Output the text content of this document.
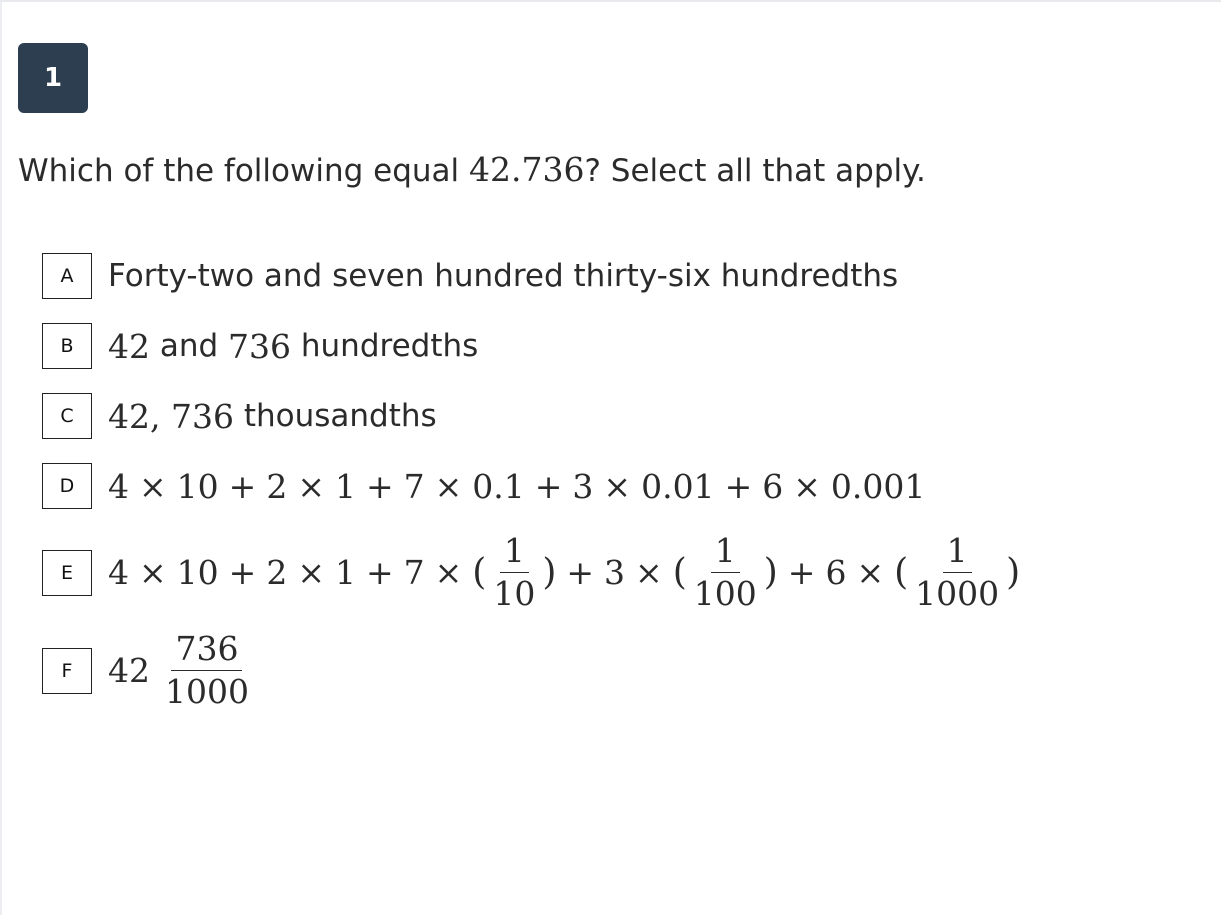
1
Which of the following equal 42.736? Select all that apply.
A	Forty-two and seven hundred thirty-six hundredths
B	42 and 736 hundredths
C	42, 736 thousandths
D	4 × 10 + 2 × 1 + 7 × 0.1 + 3 × 0.01 + 6 × 0.001
E	4 × 10 + 2 × 1 + 7 × ( $\frac{1}{10}$ ) + 3 × ( $\frac{1}{100}$ ) + 6 × ( $\frac{1}{1000}$ )
F	$42 \frac{736}{1000}$
